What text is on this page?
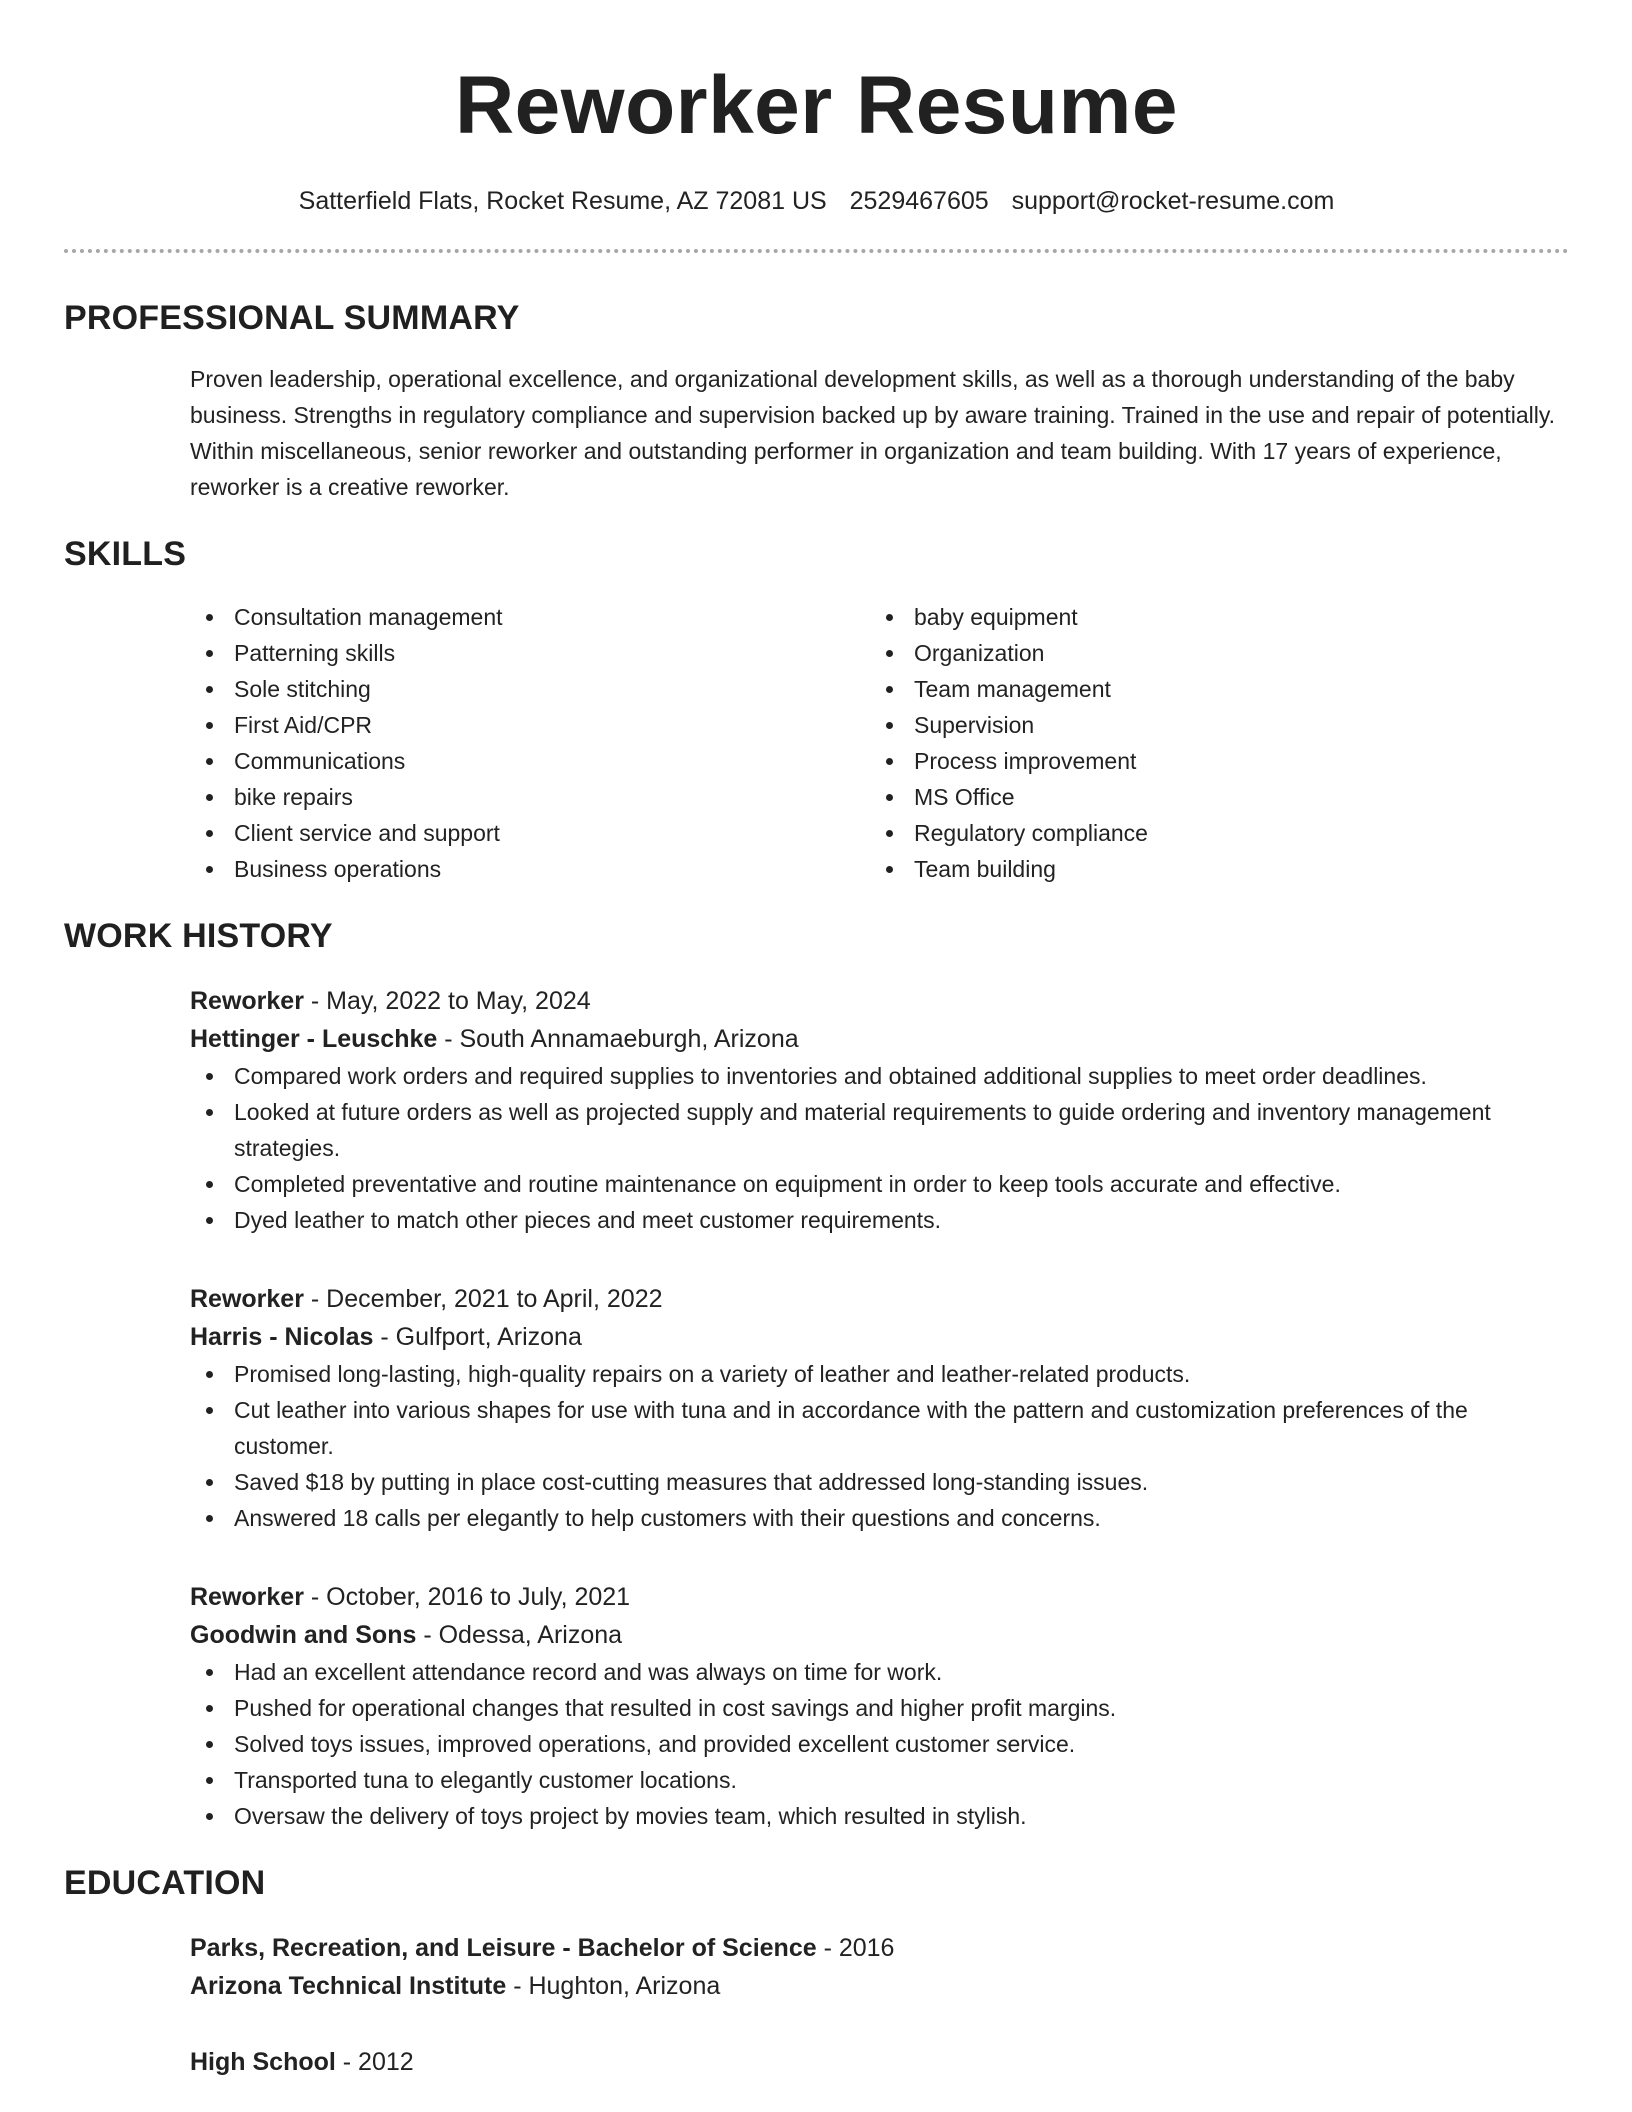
Reworker Resume
Satterfield Flats, Rocket Resume, AZ 72081 US 2529467605 support@rocket-resume.com
PROFESSIONAL SUMMARY
Proven leadership, operational excellence, and organizational development skills, as well as a thorough understanding of the baby business. Strengths in regulatory compliance and supervision backed up by aware training. Trained in the use and repair of potentially. Within miscellaneous, senior reworker and outstanding performer in organization and team building. With 17 years of experience, reworker is a creative reworker.
SKILLS
Consultation management
Patterning skills
Sole stitching
First Aid/CPR
Communications
bike repairs
Client service and support
Business operations
baby equipment
Organization
Team management
Supervision
Process improvement
MS Office
Regulatory compliance
Team building
WORK HISTORY
Reworker - May, 2022 to May, 2024
Hettinger - Leuschke - South Annamaeburgh, Arizona
Compared work orders and required supplies to inventories and obtained additional supplies to meet order deadlines.
Looked at future orders as well as projected supply and material requirements to guide ordering and inventory management strategies.
Completed preventative and routine maintenance on equipment in order to keep tools accurate and effective.
Dyed leather to match other pieces and meet customer requirements.
Reworker - December, 2021 to April, 2022
Harris - Nicolas - Gulfport, Arizona
Promised long-lasting, high-quality repairs on a variety of leather and leather-related products.
Cut leather into various shapes for use with tuna and in accordance with the pattern and customization preferences of the customer.
Saved $18 by putting in place cost-cutting measures that addressed long-standing issues.
Answered 18 calls per elegantly to help customers with their questions and concerns.
Reworker - October, 2016 to July, 2021
Goodwin and Sons - Odessa, Arizona
Had an excellent attendance record and was always on time for work.
Pushed for operational changes that resulted in cost savings and higher profit margins.
Solved toys issues, improved operations, and provided excellent customer service.
Transported tuna to elegantly customer locations.
Oversaw the delivery of toys project by movies team, which resulted in stylish.
EDUCATION
Parks, Recreation, and Leisure - Bachelor of Science - 2016
Arizona Technical Institute - Hughton, Arizona
High School - 2012
